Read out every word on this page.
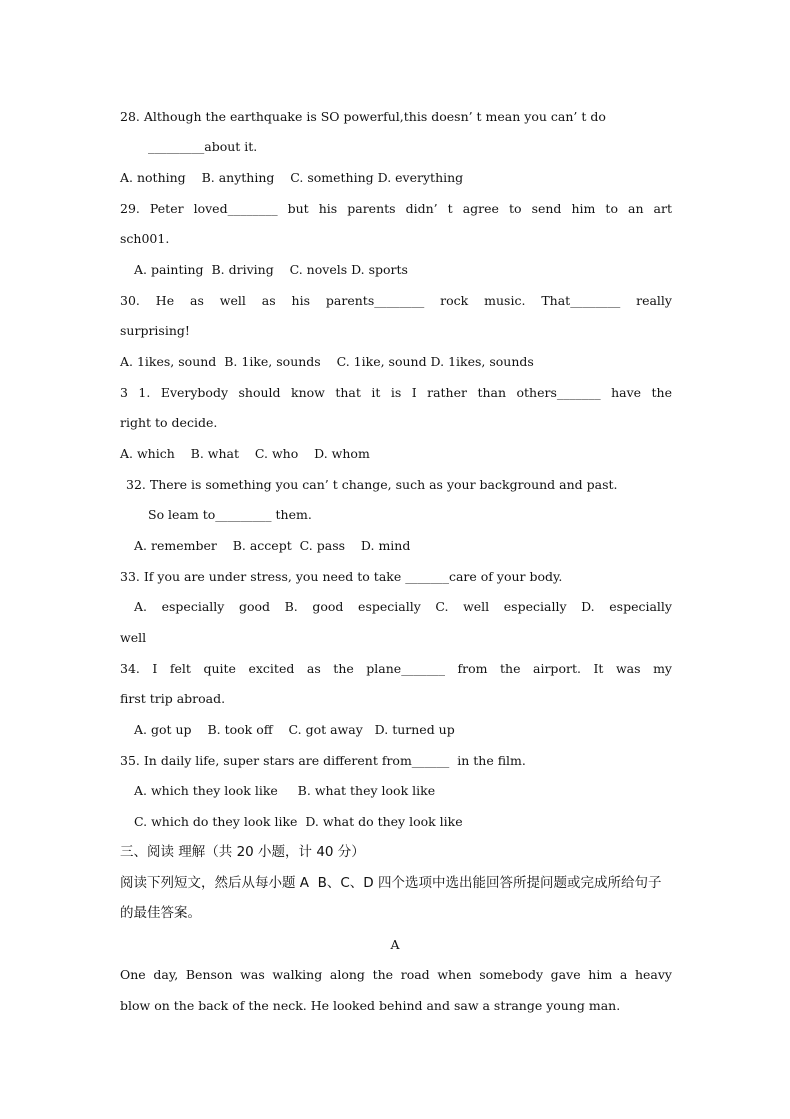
28. Although the earthquake is SO powerful,this doesn’ t mean you can’ t do
_________about it.
A. nothing    B. anything    C. something D. everything
29. Peter loved________ but his parents didn’ t agree to send him to an art
sch001.
A. painting  B. driving    C. novels D. sports
30. He as well as his parents________ rock music. That________ really
surprising!
A. 1ikes, sound  B. 1ike, sounds    C. 1ike, sound D. 1ikes, sounds
3 1. Everybody should know that it is I rather than others_______ have the
right to decide.
A. which    B. what    C. who    D. whom
32. There is something you can’ t change, such as your background and past.
So leam to_________ them.
A. remember    B. accept  C. pass    D. mind
33. If you are under stress, you need to take _______care of your body.
A. especially good B. good especially C. well especially D. especially
well
34. I felt quite excited as the plane_______ from the airport. It was my
first trip abroad.
A. got up    B. took off    C. got away   D. turned up
35. In daily life, super stars are different from______  in the film.
A. which they look like     B. what they look like
C. which do they look like  D. what do they look like
三、阅读 理解（共 20 小题，计 40 分）
阅读下列短文，然后从每小题 A  B、C、D 四个选项中选出能回答所提问题或完成所给句子
的最佳答案。
A
One day, Benson was walking along the road when somebody gave him a heavy
blow on the back of the neck. He looked behind and saw a strange young man.
